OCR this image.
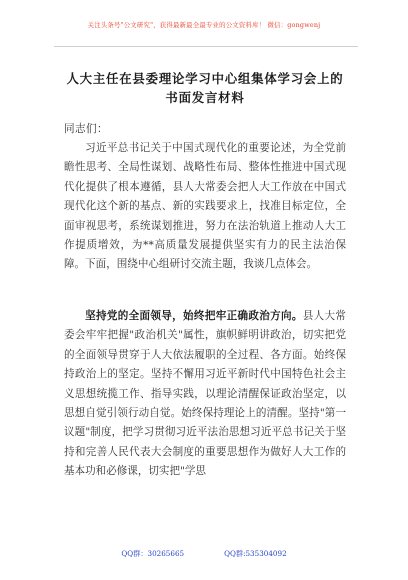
关注头条号"公文研究"，获得最新最全最专业的公文资料库！ 微信：gongwenj
人大主任在县委理论学习中心组集体学习会上的书面发言材料
同志们：

习近平总书记关于中国式现代化的重要论述，为全党前瞻性思考、全局性谋划、战略性布局、整体性推进中国式现代化提供了根本遵循，县人大常委会把人大工作放在中国式现代化这个新的基点、新的实践要求上，找准目标定位，全面审视思考，系统谋划推进，努力在法治轨道上推动人大工作提质增效，为**高质量发展提供坚实有力的民主法治保障。下面，围绕中心组研讨交流主题，我谈几点体会。

坚持党的全面领导，始终把牢正确政治方向。县人大常委会牢牢把握"政治机关"属性，旗帜鲜明讲政治，切实把党的全面领导贯穿于人大依法履职的全过程、各方面。始终保持政治上的坚定。坚持不懈用习近平新时代中国特色社会主义思想统揽工作、指导实践，以理论清醒保证政治坚定，以思想自觉引领行动自觉。始终保持理论上的清醒。坚持"第一议题"制度，把学习贯彻习近平法治思想习近平总书记关于坚持和完善人民代表大会制度的重要思想作为做好人大工作的基本功和必修课，切实把"学思

QQ群：30265665	QQ群:535304092
